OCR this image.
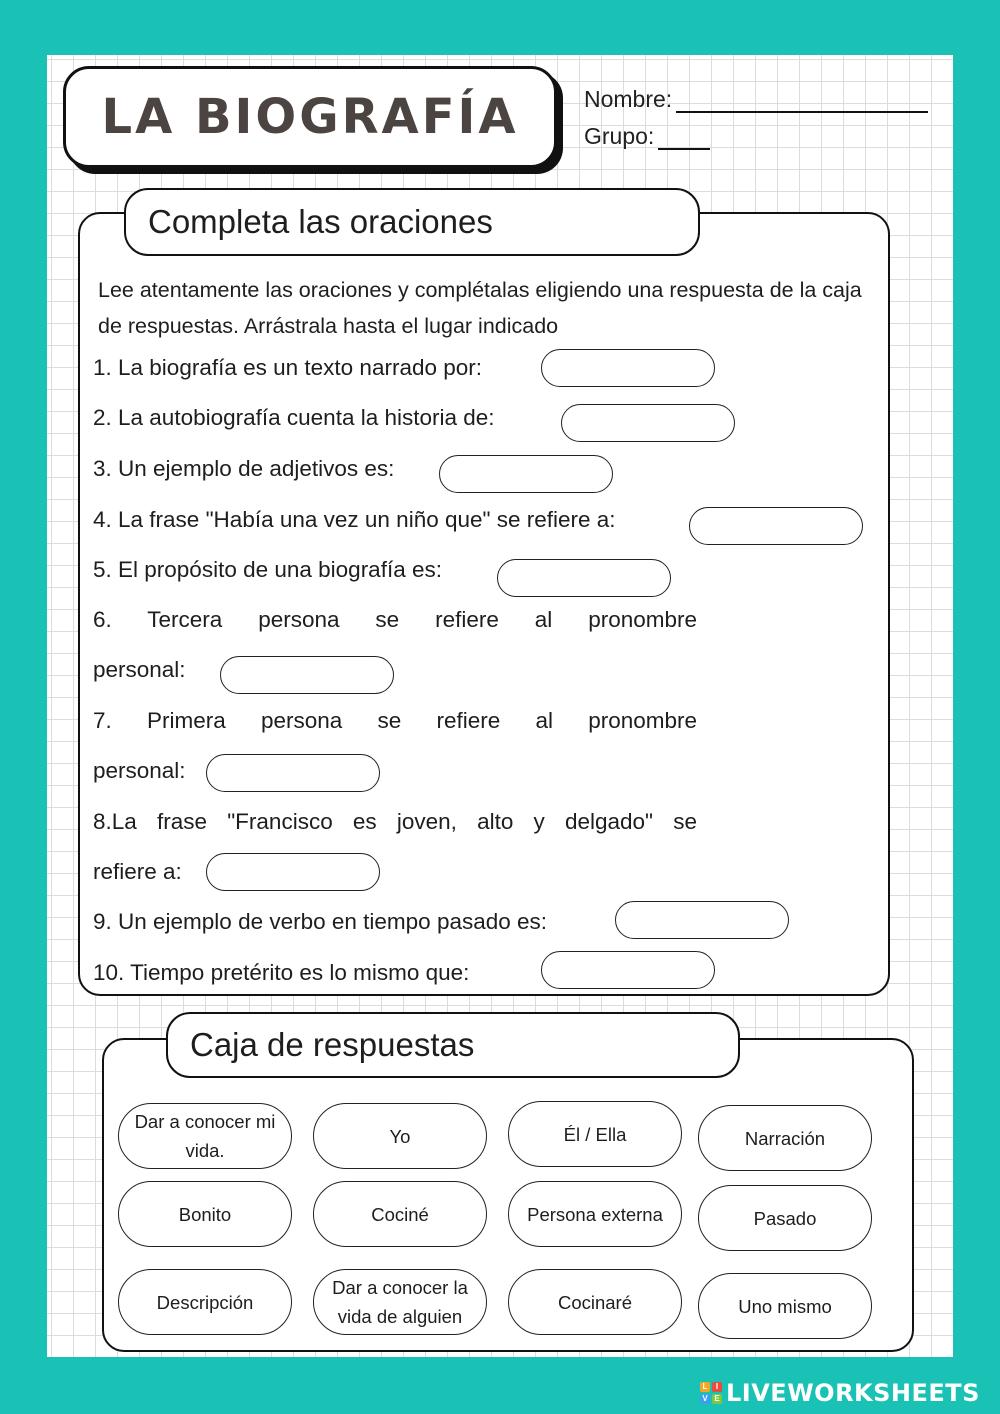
LA BIOGRAFÍA	Nombre:
Grupo:
Completa las oraciones
Lee atentamente las oraciones y complétalas eligiendo una respuesta de la caja de respuestas. Arrástrala hasta el lugar indicado
1. La biografía es un texto narrado por:
2. La autobiografía cuenta la historia de:
3. Un ejemplo de adjetivos es:
4. La frase "Había una vez un niño que" se refiere a:
5. El propósito de una biografía es:
6. Tercera persona se refiere al pronombre
personal:
7. Primera persona se refiere al pronombre
personal:
8.La frase "Francisco es joven, alto y delgado" se
refiere a:
9. Un ejemplo de verbo en tiempo pasado es:
10. Tiempo pretérito es lo mismo que:
Caja de respuestas
Dar a conocer mi vida.
Yo	Él / Ella	Narración
Bonito	Cociné	Persona externa	Pasado
Descripción
Dar a conocer la vida de alguien
Cocinaré	Uno mismo
L	I
V E LIVEWORKSHEETS
